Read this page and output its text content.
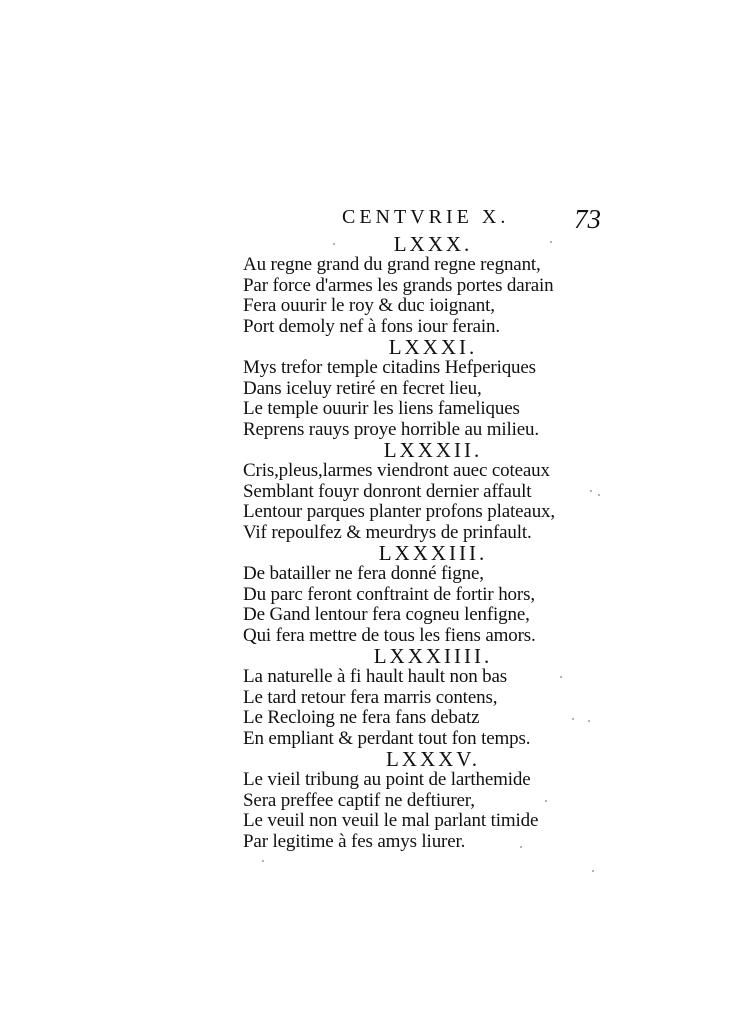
CENTVRIE X. 73
LXXX.
Au regne grand du grand regne regnant,
Par force d'armes les grands portes darain
Fera ouurir le roy & duc ioignant,
Port demoly nef à fons iour ferain.
LXXXI.
Mys trefor temple citadins Hefperiques
Dans iceluy retiré en fecret lieu,
Le temple ouurir les liens fameliques
Reprens rauys proye horrible au milieu.
LXXXII.
Cris,pleus,larmes viendront auec coteaux
Semblant fouyr donront dernier affault
Lentour parques planter profons plateaux,
Vif repoulfez & meurdrys de prinfault.
LXXXIII.
De batailler ne fera donné figne,
Du parc feront conftraint de fortir hors,
De Gand lentour fera cogneu lenfigne,
Qui fera mettre de tous les fiens amors.
LXXXIIII.
La naturelle à fi hault hault non bas
Le tard retour fera marris contens,
Le Recloing ne fera fans debatz
En empliant & perdant tout fon temps.
LXXXV.
Le vieil tribung au point de larthemide
Sera preffee captif ne deftiurer,
Le veuil non veuil le mal parlant timide
Par legitime à fes amys liurer.
